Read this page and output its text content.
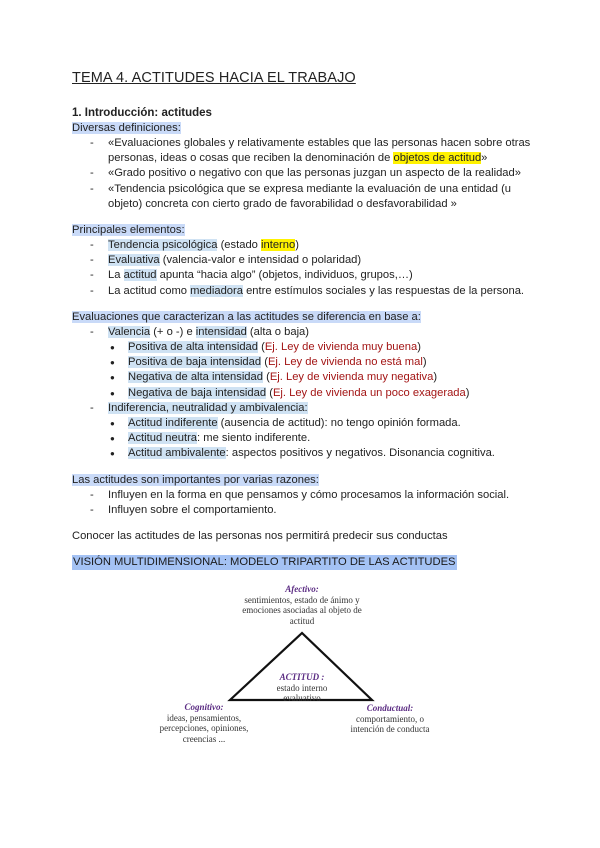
TEMA 4. ACTITUDES HACIA EL TRABAJO
1. Introducción: actitudes
Diversas definiciones:
- «Evaluaciones globales y relativamente estables que las personas hacen sobre otras personas, ideas o cosas que reciben la denominación de objetos de actitud»
- «Grado positivo o negativo con que las personas juzgan un aspecto de la realidad»
- «Tendencia psicológica que se expresa mediante la evaluación de una entidad (u objeto) concreta con cierto grado de favorabilidad o desfavorabilidad »
Principales elementos:
- Tendencia psicológica (estado interno)
- Evaluativa (valencia-valor e intensidad o polaridad)
- La actitud apunta “hacia algo” (objetos, individuos, grupos,…)
- La actitud como mediadora entre estímulos sociales y las respuestas de la persona.
Evaluaciones que caracterizan a las actitudes se diferencia en base a:
- Valencia (+ o -) e intensidad (alta o baja)
● Positiva de alta intensidad (Ej. Ley de vivienda muy buena)
● Positiva de baja intensidad (Ej. Ley de vivienda no está mal)
● Negativa de alta intensidad (Ej. Ley de vivienda muy negativa)
● Negativa de baja intensidad (Ej. Ley de vivienda un poco exagerada)
- Indiferencia, neutralidad y ambivalencia:
● Actitud indiferente (ausencia de actitud): no tengo opinión formada.
● Actitud neutra: me siento indiferente.
● Actitud ambivalente: aspectos positivos y negativos. Disonancia cognitiva.
Las actitudes son importantes por varias razones:
- Influyen en la forma en que pensamos y cómo procesamos la información social.
- Influyen sobre el comportamiento.
Conocer las actitudes de las personas nos permitirá predecir sus conductas
VISIÓN MULTIDIMENSIONAL: MODELO TRIPARTITO DE LAS ACTITUDES
Afectivo:
sentimientos, estado de ánimo y emociones asociadas al objeto de actitud
ACTITUD :
estado interno evaluativo
Cognitivo:
ideas, pensamientos, percepciones, opiniones, creencias ...
Conductual:
comportamiento, o intención de conducta
